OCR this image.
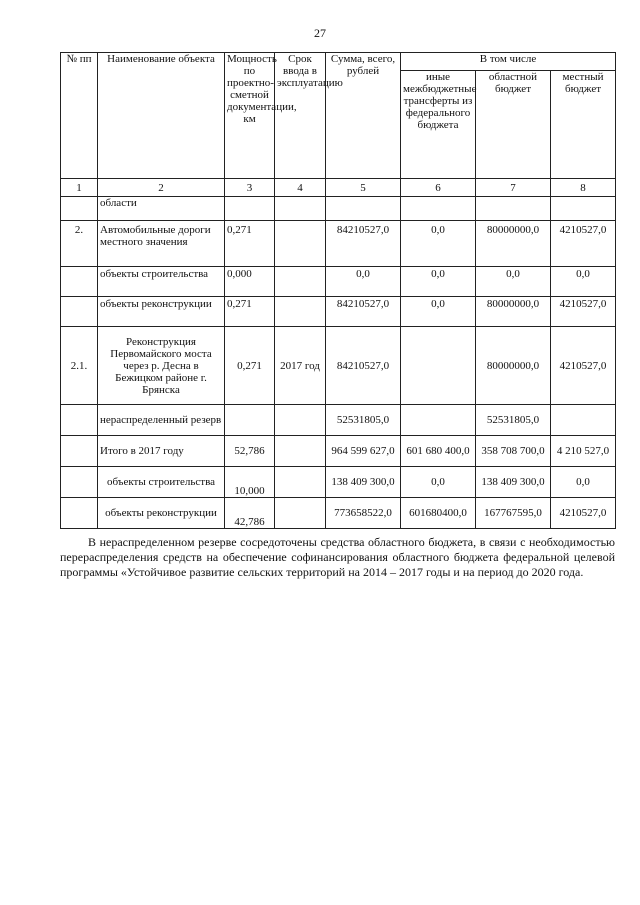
27
№ пп	Наименование объекта	Мощность по проектно-сметной документации, км	Срок ввода в эксплуатацию	Сумма, всего, рублей	В том числе		
					иные межбюджетные трансферты из федерального бюджета	областной бюджет	местный бюджет
1	2	3	4	5	6	7	8
	области						
2.	Автомобильные дороги местного значения	0,271		84210527,0	0,0	80000000,0	4210527,0
	объекты строительства	0,000		0,0	0,0	0,0	0,0
	объекты реконструкции	0,271		84210527,0	0,0	80000000,0	4210527,0
2.1.	Реконструкция Первомайского моста через р. Десна в Бежицком районе г. Брянска	0,271	2017 год	84210527,0		80000000,0	4210527,0
	нераспределенный резерв			52531805,0		52531805,0	
	Итого в 2017 году	52,786		964 599 627,0	601 680 400,0	358 708 700,0	4 210 527,0
	объекты строительства	10,000		138 409 300,0	0,0	138 409 300,0	0,0
	объекты реконструкции	42,786		773658522,0	601680400,0	167767595,0	4210527,0

В нераспределенном резерве сосредоточены средства областного бюджета, в связи с необходимостью перераспределения средств на обеспечение софинансирования областного бюджета федеральной целевой программы «Устойчивое развитие сельских территорий на 2014 – 2017 годы и на период до 2020 года.
